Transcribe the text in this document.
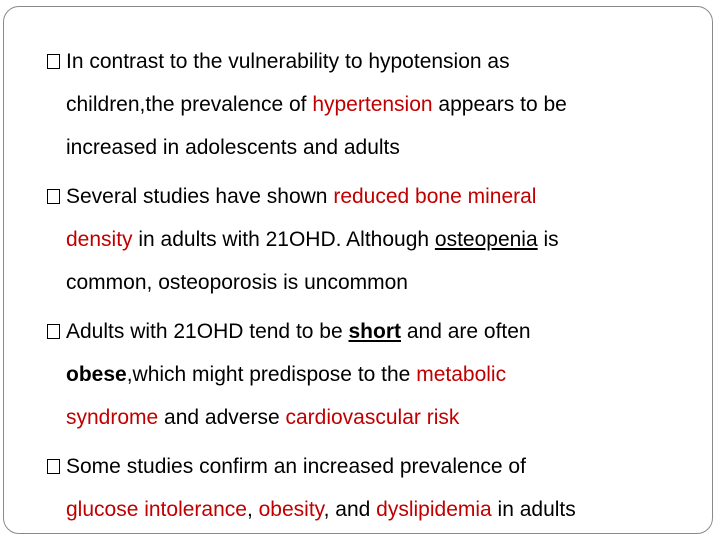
In contrast to the vulnerability to hypotension as
children,the prevalence of hypertension appears to be
increased in adolescents and adults
Several studies have shown reduced bone mineral
density in adults with 21OHD. Although osteopenia is
common, osteoporosis is uncommon
Adults with 21OHD tend to be short and are often
obese,which might predispose to the metabolic
syndrome and adverse cardiovascular risk
Some studies confirm an increased prevalence of
glucose intolerance, obesity, and dyslipidemia in adults
